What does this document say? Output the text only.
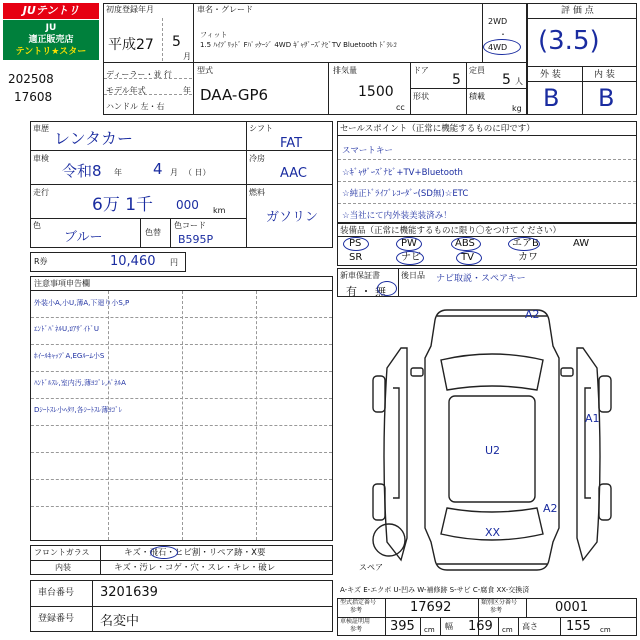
JUテントリ
JU
適正販売店
テントリ★スター
202508
17608
初度登録年月
平成27 5
月
車名・グレード
フィット
1.5 ﾊｲﾌﾞﾘｯﾄﾞ Fﾊﾟｯｹｰｼﾞ 4WD ｷﾞｬｻﾞｰｽﾞﾅﾋﾞTV Bluetooth ﾄﾞﾗﾚｺ
2WD
・
4WD
ディーラー・並 行
モデル年式	年
ハンドル 左・右
型式
DAA-GP6
排気量
1500
cc
ドア
5
定員
5 人
形状	積載
kg
評 価 点
(3.5)
外 装	内 装
B B
車歴
レンタカー
車検
令和8 年 4 月 （ 日）
走行
6万 1千 000 km
色
ブルー	色替
色コード
B595P
シフト
FAT
冷房
AAC
燃料
ガソリン
R券	10,460 円
セールスポイント（正常に機能するものに印です）
スマートキー
☆ｷﾞｬｻﾞｰｽﾞﾅﾋﾞ+TV+Bluetooth
☆純正ﾄﾞﾗｲﾌﾞﾚｺｰﾀﾞｰ(SD無)☆ETC
☆当社にて内外装美装済み！
装備品（正常に機能するものに限り〇をつけてください）
PS	PW	ABS	エアB	AW
SR	ナビ	TV	カワ
新車保証書
有 ・ 無
後日品 ナビ取説・スペアキー
注意事項申告欄
外装小A,小U,薄A,下廻り小S,P
ｴﾝﾄﾞﾊﾟﾈﾙU,ﾛｱｻﾞｲﾄﾞU
ﾎｲｰﾙｷｬｯﾌﾟA,EGﾙｰﾑ小S
ﾊﾝﾄﾞﾙｽﾚ,室内汚,薄ﾖｺﾞﾚ,ﾊﾟﾈﾙA
Dｼｰﾄｽﾚ小ﾍﾀﾘ,各ｼｰﾄｽﾚ薄ﾖｺﾞﾚ
A2
A1
U2
A2
XX
スペア
フロントガラス	キズ・飛石・ヒビ割・リペア跡・X要
内装	キズ・汚レ・コゲ・穴・スレ・キレ・破レ
車台番号 3201639
登録番号 名変中
A-キズ E-エクボ U-凹み W-補修跡 S-サビ C-腐食 XX-交換済
型式指定番号
参考	17692	類別区分番号
参考	0001
車検証明用
参考 395 cm 幅 169 cm 高さ 155 cm
